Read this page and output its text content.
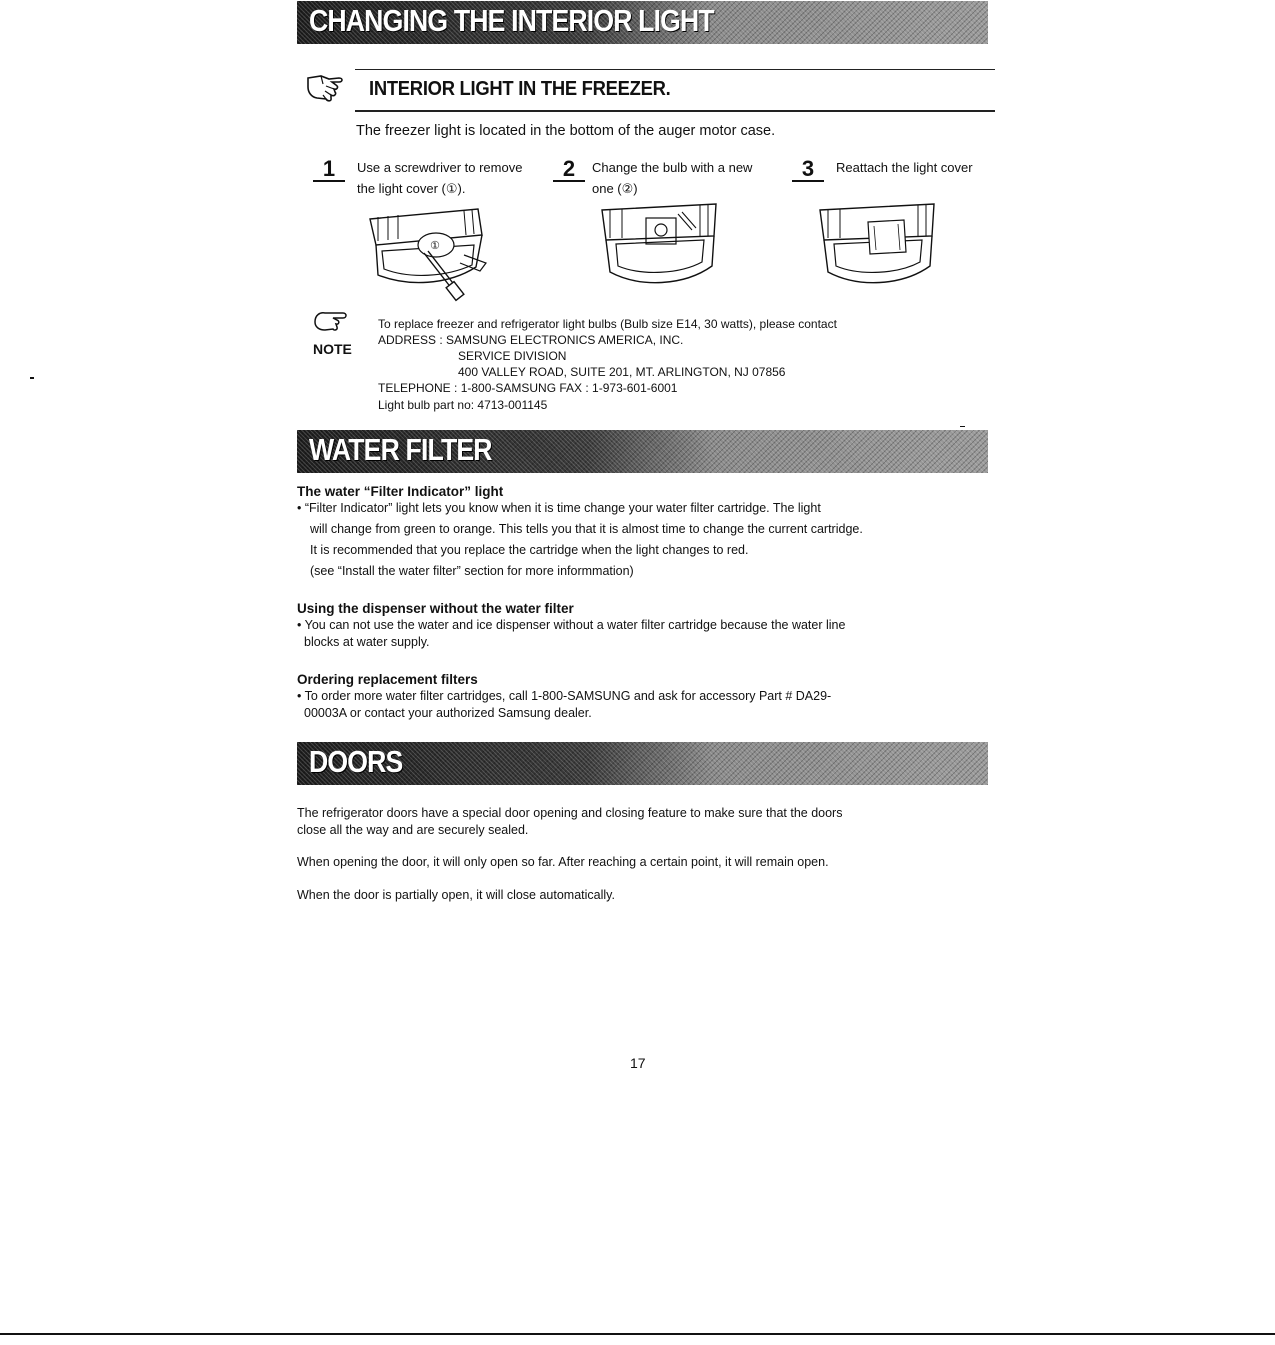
CHANGING THE INTERIOR LIGHT
INTERIOR LIGHT IN THE FREEZER.
The freezer light is located in the bottom of the auger motor case.
1	Use a screwdriver to remove
the light cover (①).
2	Change the bulb with a new
one (②)
3	Reattach the light cover
①
NOTE
To replace freezer and refrigerator light bulbs (Bulb size E14, 30 watts), please contact
ADDRESS : SAMSUNG ELECTRONICS AMERICA, INC.
SERVICE DIVISION
400 VALLEY ROAD, SUITE 201, MT. ARLINGTON, NJ 07856
TELEPHONE : 1-800-SAMSUNG FAX : 1-973-601-6001
Light bulb part no: 4713-001145
WATER FILTER
The water “Filter Indicator” light
• “Filter Indicator” light lets you know when it is time change your water filter cartridge. The light
will change from green to orange. This tells you that it is almost time to change the current cartridge.
It is recommended that you replace the cartridge when the light changes to red.
(see “Install the water filter” section for more informmation)
Using the dispenser without the water filter
• You can not use the water and ice dispenser without a water filter cartridge because the water line
blocks at water supply.
Ordering replacement filters
• To order more water filter cartridges, call 1-800-SAMSUNG and ask for accessory Part # DA29-
00003A or contact your authorized Samsung dealer.
DOORS
The refrigerator doors have a special door opening and closing feature to make sure that the doors
close all the way and are securely sealed.
When opening the door, it will only open so far. After reaching a certain point, it will remain open.
When the door is partially open, it will close automatically.
17
